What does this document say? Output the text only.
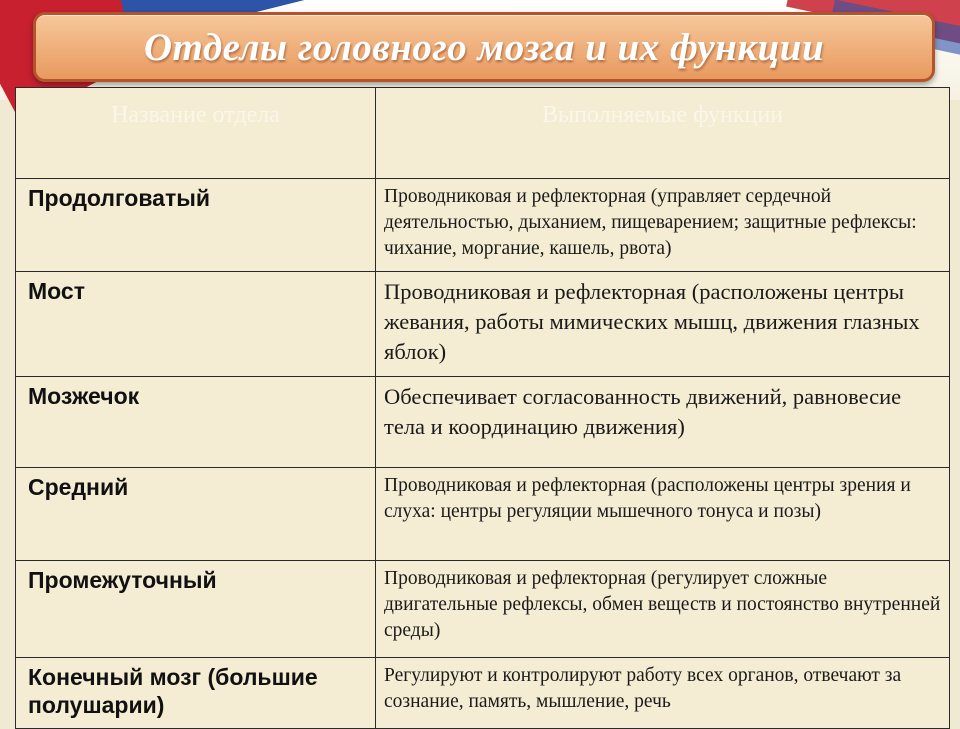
Отделы головного мозга и их функции
Название отдела	Выполняемые функции

Продолговатый	Проводниковая и рефлекторная (управляет сердечной деятельностью, дыханием, пищеварением; защитные рефлексы: чихание, моргание, кашель, рвота)

Мост	Проводниковая и рефлекторная (расположены центры жевания, работы мимических мышц, движения глазных яблок)

Мозжечок	Обеспечивает согласованность движений, равновесие тела и координацию движения)

Средний	Проводниковая и рефлекторная (расположены центры зрения и слуха: центры регуляции мышечного тонуса и позы)

Промежуточный	Проводниковая и рефлекторная (регулирует сложные двигательные рефлексы, обмен веществ и постоянство внутренней среды)

Конечный мозг (большие полушарии)	Регулируют и контролируют работу всех органов, отвечают за сознание, память, мышление, речь
